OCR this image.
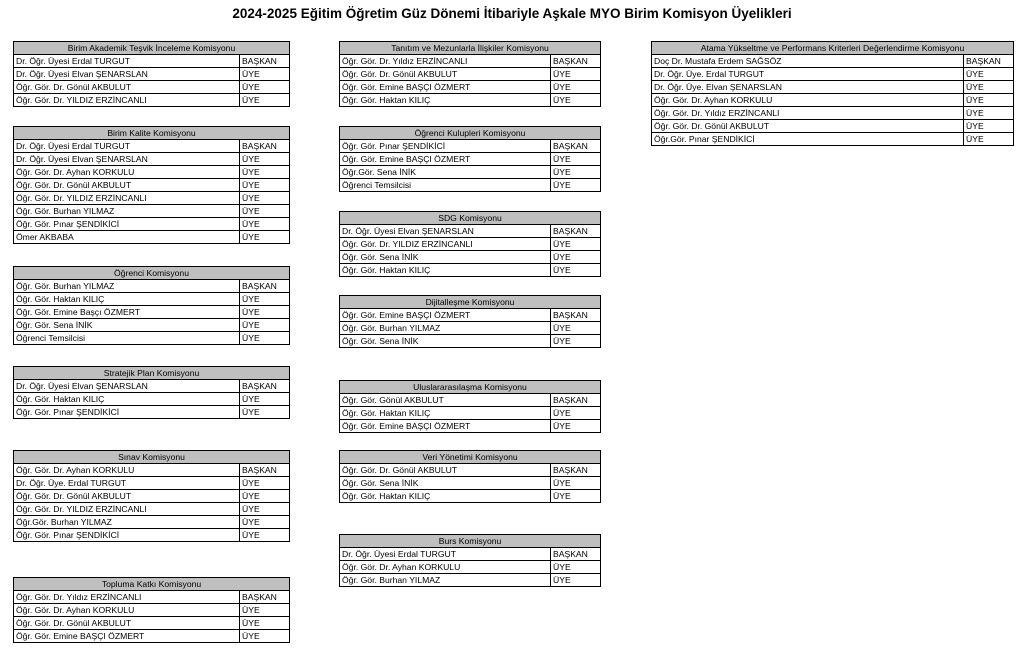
2024-2025 Eğitim Öğretim Güz Dönemi İtibariyle Aşkale MYO Birim Komisyon Üyelikleri
Birim Akademik Teşvik İnceleme Komisyonu	
Dr. Öğr. Üyesi Erdal TURGUT	BAŞKAN
Dr. Öğr. Üyesi Elvan ŞENARSLAN	ÜYE
Öğr. Gör. Dr. Gönül AKBULUT	ÜYE
Öğr. Gör. Dr. YILDIZ ERZİNCANLI	ÜYE
Birim Kalite Komisyonu	
Dr. Öğr. Üyesi Erdal TURGUT	BAŞKAN
Dr. Öğr. Üyesi Elvan ŞENARSLAN	ÜYE
Öğr. Gör. Dr. Ayhan KORKULU	ÜYE
Öğr. Gör. Dr. Gönül AKBULUT	ÜYE
Öğr. Gör. Dr. YILDIZ ERZİNCANLI	ÜYE
Öğr. Gör. Burhan YILMAZ	ÜYE
Öğr. Gör. Pınar ŞENDİKİCİ	ÜYE
Ömer AKBABA	ÜYE
Öğrenci Komisyonu	
Öğr. Gör. Burhan YILMAZ	BAŞKAN
Öğr. Gör. Haktan KILIÇ	ÜYE
Öğr. Gör. Emine Başçı ÖZMERT	ÜYE
Öğr. Gör. Sena İNİK	ÜYE
Öğrenci Temsilcisi	ÜYE
Stratejik Plan Komisyonu	
Dr. Öğr. Üyesi Elvan ŞENARSLAN	BAŞKAN
Öğr. Gör. Haktan KILIÇ	ÜYE
Öğr. Gör. Pınar ŞENDİKİCİ	ÜYE
Sınav Komisyonu	
Öğr. Gör. Dr. Ayhan KORKULU	BAŞKAN
Dr. Öğr. Üye. Erdal TURGUT	ÜYE
Öğr. Gör. Dr. Gönül AKBULUT	ÜYE
Öğr. Gör. Dr. YILDIZ ERZİNCANLI	ÜYE
Öğr.Gör. Burhan YILMAZ	ÜYE
Öğr. Gör. Pınar ŞENDİKİCİ	ÜYE
Topluma Katkı Komisyonu	
Öğr. Gör. Dr. Yıldız ERZİNCANLI	BAŞKAN
Öğr. Gör. Dr. Ayhan KORKULU	ÜYE
Öğr. Gör. Dr. Gönül AKBULUT	ÜYE
Öğr. Gör. Emine BAŞÇI ÖZMERT	ÜYE
Tanıtım ve Mezunlarla İlişkiler Komisyonu	
Öğr. Gör. Dr. Yıldız ERZİNCANLI	BAŞKAN
Öğr. Gör. Dr. Gönül AKBULUT	ÜYE
Öğr. Gör. Emine BAŞÇI ÖZMERT	ÜYE
Öğr. Gör. Haktan KILIÇ	ÜYE
Öğrenci Kulupleri Komisyonu	
Öğr. Gör. Pınar ŞENDİKİCİ	BAŞKAN
Öğr. Gör. Emine BAŞÇI ÖZMERT	ÜYE
Öğr.Gör. Sena İNİK	ÜYE
Öğrenci Temsilcisi	ÜYE
SDG Komisyonu	
Dr. Öğr. Üyesi Elvan ŞENARSLAN	BAŞKAN
Öğr. Gör. Dr. YILDIZ ERZİNCANLI	ÜYE
Öğr. Gör. Sena İNİK	ÜYE
Öğr. Gör. Haktan KILIÇ	ÜYE
Dijitalleşme Komisyonu	
Öğr. Gör. Emine BAŞÇI ÖZMERT	BAŞKAN
Öğr. Gör. Burhan YILMAZ	ÜYE
Öğr. Gör. Sena İNİK	ÜYE
Uluslararasılaşma Komisyonu	
Öğr. Gör. Gönül AKBULUT	BAŞKAN
Öğr. Gör. Haktan KILIÇ	ÜYE
Öğr. Gör. Emine BAŞÇI ÖZMERT	ÜYE
Veri Yönetimi Komisyonu	
Öğr. Gör. Dr. Gönül AKBULUT	BAŞKAN
Öğr. Gör. Sena İNİK	ÜYE
Öğr. Gör. Haktan KILIÇ	ÜYE
Burs Komisyonu	
Dr. Öğr. Üyesi Erdal TURGUT	BAŞKAN
Öğr. Gör. Dr. Ayhan KORKULU	ÜYE
Öğr. Gör. Burhan YILMAZ	ÜYE
Atama Yükseltme ve Performans Kriterleri Değerlendirme Komisyonu	
Doç Dr. Mustafa Erdem SAĞSÖZ	BAŞKAN
Dr. Öğr. Üye. Erdal TURGUT	ÜYE
Dr. Öğr. Üye. Elvan ŞENARSLAN	ÜYE
Öğr. Gör. Dr. Ayhan KORKULU	ÜYE
Öğr. Gör. Dr. Yıldız ERZİNCANLI	ÜYE
Öğr. Gör. Dr. Gönül AKBULUT	ÜYE
Öğr.Gör. Pınar ŞENDİKİCİ	ÜYE
